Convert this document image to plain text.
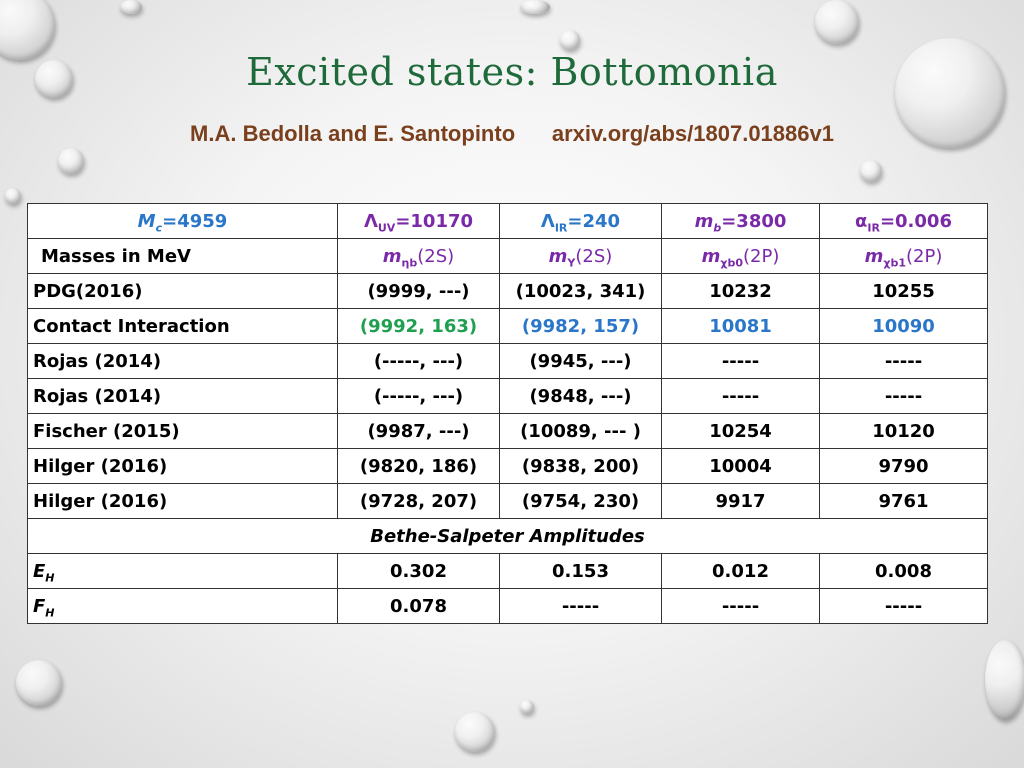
Excited states: Bottomonia
M.A. Bedolla and E. Santopinto arxiv.org/abs/1807.01886v1
$M_c=4959$	$\Lambda_{UV}=10170$	$\Lambda_{IR}=240$	$m_b=3800$	$\alpha_{IR}=0.006$
Masses in MeV	$m_{\eta b}(2S)$	$m_\Upsilon(2S)$	$m_{\chi b0}(2P)$	$m_{\chi b1}(2P)$
PDG(2016)	(9999, ---)	(10023, 341)	10232	10255
Contact Interaction	(9992, 163)	(9982, 157)	10081	10090
Rojas (2014)	(-----, ---)	(9945, ---)	-----	-----
Rojas (2014)	(-----, ---)	(9848, ---)	-----	-----
Fischer (2015)	(9987, ---)	(10089, --- )	10254	10120
Hilger (2016)	(9820, 186)	(9838, 200)	10004	9790
Hilger (2016)	(9728, 207)	(9754, 230)	9917	9761
Bethe-Salpeter Amplitudes				
$E_H$	0.302	0.153	0.012	0.008
$F_H$	0.078	-----	-----	-----
